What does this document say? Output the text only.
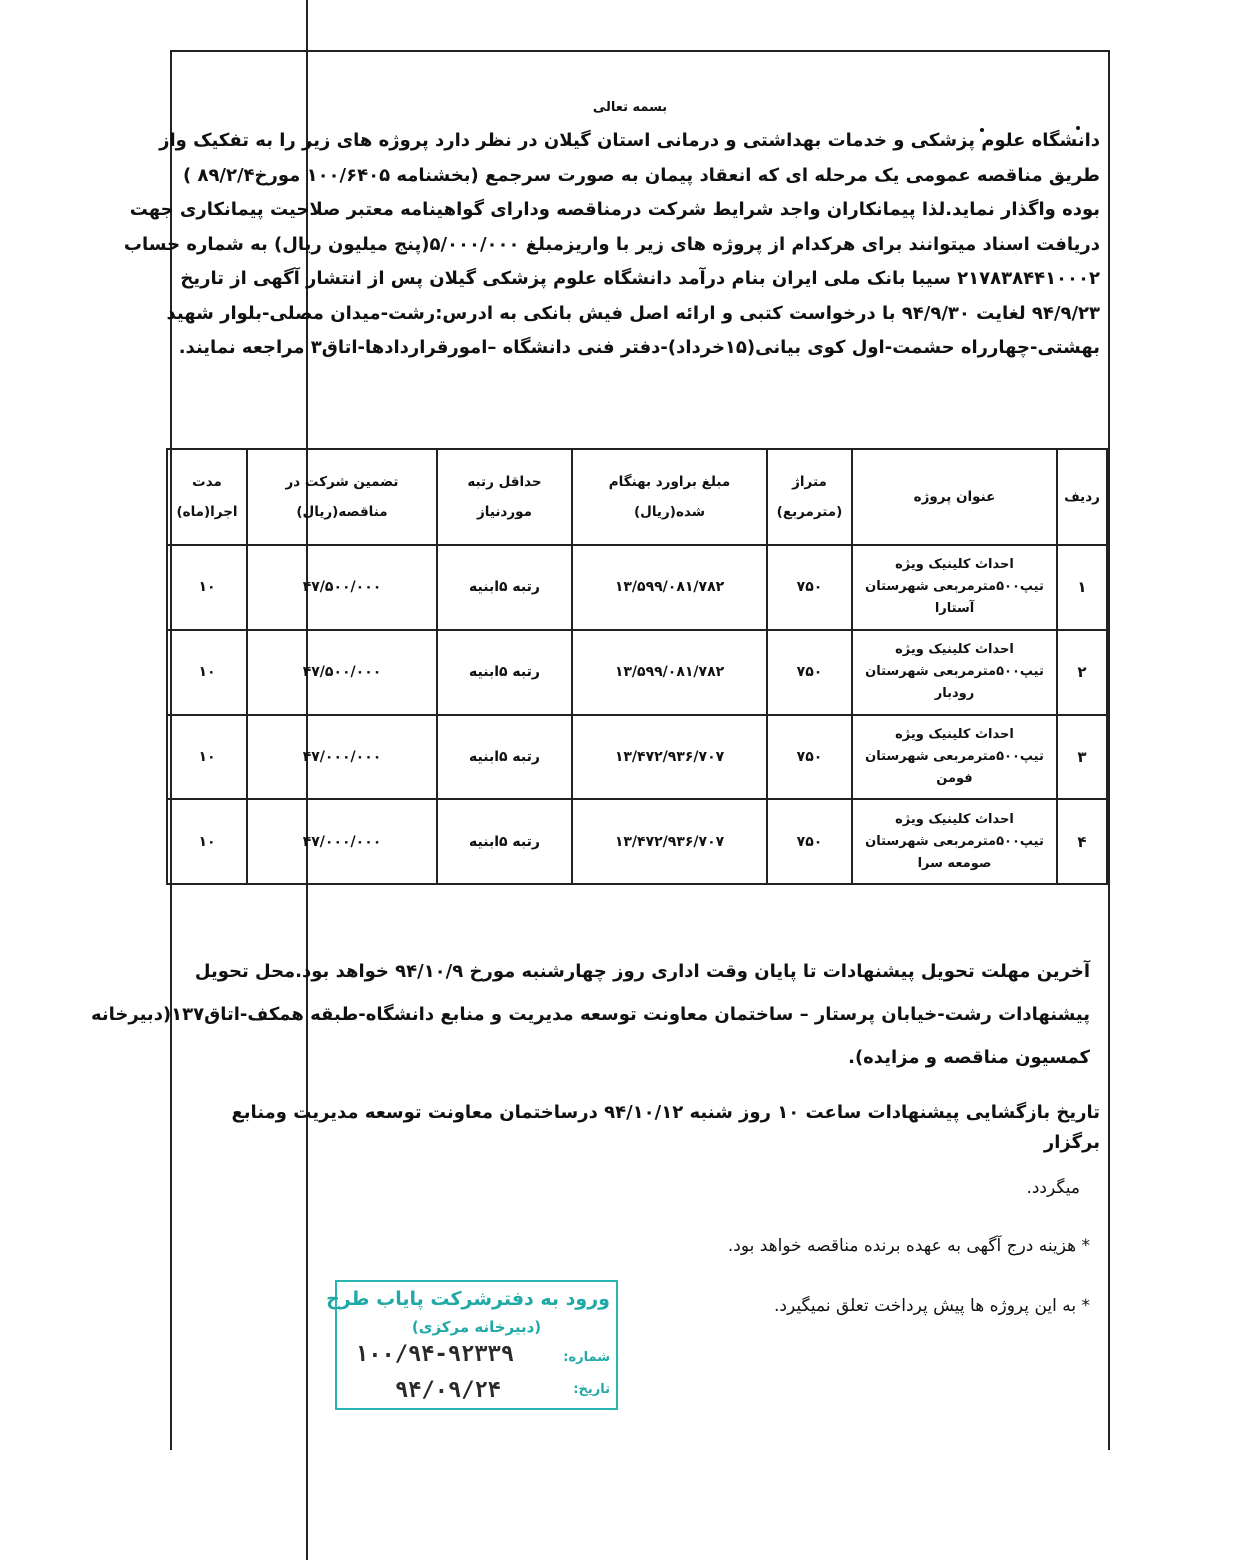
بسمه تعالی

دانشگاه علوم پزشکی و خدمات بهداشتی و درمانی استان گیلان در نظر دارد پروژه های زیر را به تفکیک واز

طریق مناقصه عمومی یک مرحله ای که انعقاد پیمان به صورت سرجمع (بخشنامه ۱۰۰/۶۴۰۵ مورخ۸۹/۲/۴ )

بوده واگذار نماید.لذا پیمانکاران واجد شرایط شرکت درمناقصه ودارای گواهینامه معتبر صلاحیت پیمانکاری جهت

دریافت اسناد میتوانند برای هرکدام از پروژه های زیر با واریزمبلغ ۵/۰۰۰/۰۰۰(پنج میلیون ریال) به شماره حساب

۲۱۷۸۳۸۴۴۱۰۰۰۲ سیبا بانک ملی ایران بنام درآمد دانشگاه علوم پزشکی گیلان پس از انتشار آگهی از تاریخ

۹۴/۹/۲۳ لغایت ۹۴/۹/۳۰ با درخواست کتبی و ارائه اصل فیش بانکی به ادرس:رشت-میدان مصلی-بلوار شهید

بهشتی-چهارراه حشمت-اول کوی بیانی(۱۵خرداد)-دفتر فنی دانشگاه –امورقراردادها-اتاق۳ مراجعه نمایند.

ردیف	عنوان پروژه	متراژ (مترمربع)	مبلغ براورد بهنگام شده(ریال)	حداقل رتبه موردنیاز	تضمین شرکت در مناقصه(ریال)	مدت اجرا(ماه)
۱	احداث کلینیک ویژه تیپ۵۰۰مترمربعی شهرستان آستارا	۷۵۰	۱۳/۵۹۹/۰۸۱/۷۸۲	رتبه ۵ابنیه	۴۷/۵۰۰/۰۰۰	۱۰
۲	احداث کلینیک ویژه تیپ۵۰۰مترمربعی شهرستان رودبار	۷۵۰	۱۳/۵۹۹/۰۸۱/۷۸۲	رتبه ۵ابنیه	۴۷/۵۰۰/۰۰۰	۱۰
۳	احداث کلینیک ویژه تیپ۵۰۰مترمربعی شهرستان فومن	۷۵۰	۱۳/۴۷۲/۹۳۶/۷۰۷	رتبه ۵ابنیه	۴۷/۰۰۰/۰۰۰	۱۰
۴	احداث کلینیک ویژه تیپ۵۰۰مترمربعی شهرستان صومعه سرا	۷۵۰	۱۳/۴۷۲/۹۳۶/۷۰۷	رتبه ۵ابنیه	۴۷/۰۰۰/۰۰۰	۱۰

آخرین مهلت تحویل پیشنهادات تا پایان وقت اداری روز چهارشنبه مورخ ۹۴/۱۰/۹ خواهد بود.محل تحویل

پیشنهادات رشت-خیابان پرستار – ساختمان معاونت توسعه مدیریت و منابع دانشگاه-طبقه همکف-اتاق۱۳۷(دبیرخانه

کمسیون مناقصه و مزایده).

تاریخ بازگشایی پیشنهادات ساعت ۱۰ روز شنبه ۹۴/۱۰/۱۲ درساختمان معاونت توسعه مدیریت ومنابع برگزار
میگردد.
* هزینه درج آگهی به عهده برنده مناقصه خواهد بود.
* به این پروژه ها پیش پرداخت تعلق نمیگیرد.
ورود به دفترشرکت پایاب طرح
(دبیرخانه مرکزی)
شماره:
تاریخ:
۱۰۰/۹۴-۹۲۳۳۹
۹۴/۰۹/۲۴
